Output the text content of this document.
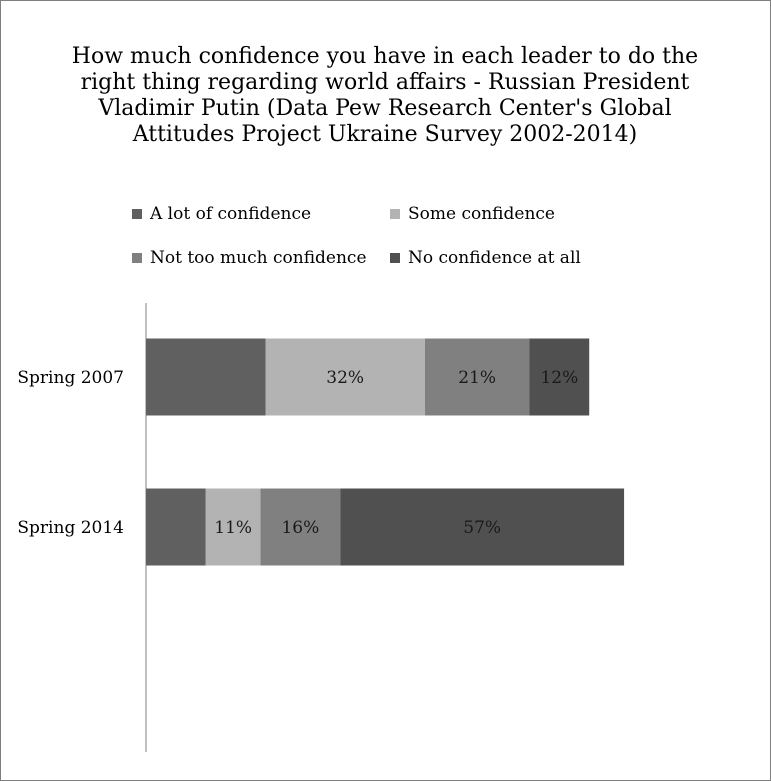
How much confidence you have in each leader to do the right thing regarding world affairs - Russian President Vladimir Putin (Data Pew Research Center's Global Attitudes Project Ukraine Survey 2002-2014)
A lot of confidence	Some confidence
Not too much confidence No confidence at all
Spring 2007	32%	21%	12%
Spring 2014	11% 16%	57%
